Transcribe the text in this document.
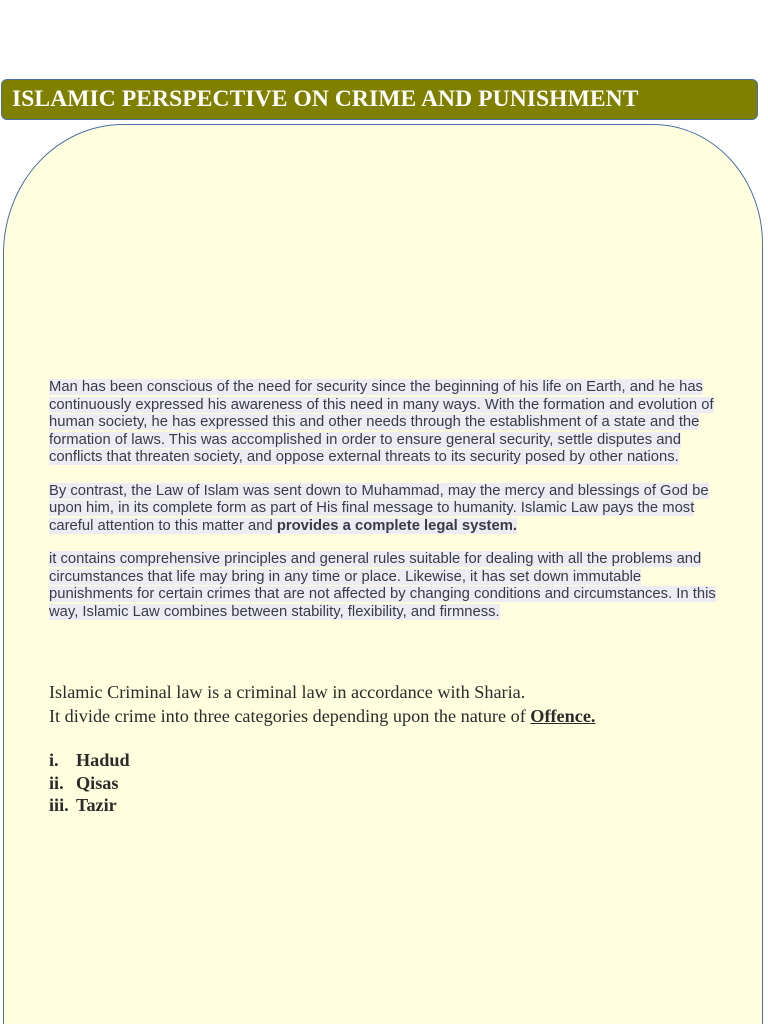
ISLAMIC PERSPECTIVE ON CRIME AND PUNISHMENT

Man has been conscious of the need for security since the beginning of his life on Earth, and he has continuously expressed his awareness of this need in many ways. With the formation and evolution of human society, he has expressed this and other needs through the establishment of a state and the formation of laws. This was accomplished in order to ensure general security, settle disputes and conflicts that threaten society, and oppose external threats to its security posed by other nations.

By contrast, the Law of Islam was sent down to Muhammad, may the mercy and blessings of God be upon him, in its complete form as part of His final message to humanity. Islamic Law pays the most careful attention to this matter and provides a complete legal system.

it contains comprehensive principles and general rules suitable for dealing with all the problems and circumstances that life may bring in any time or place. Likewise, it has set down immutable punishments for certain crimes that are not affected by changing conditions and circumstances. In this way, Islamic Law combines between stability, flexibility, and firmness.

Islamic Criminal law is a criminal law in accordance with Sharia.
It divide crime into three categories depending upon the nature of Offence.

i. Hadud
ii. Qisas
iii. Tazir
